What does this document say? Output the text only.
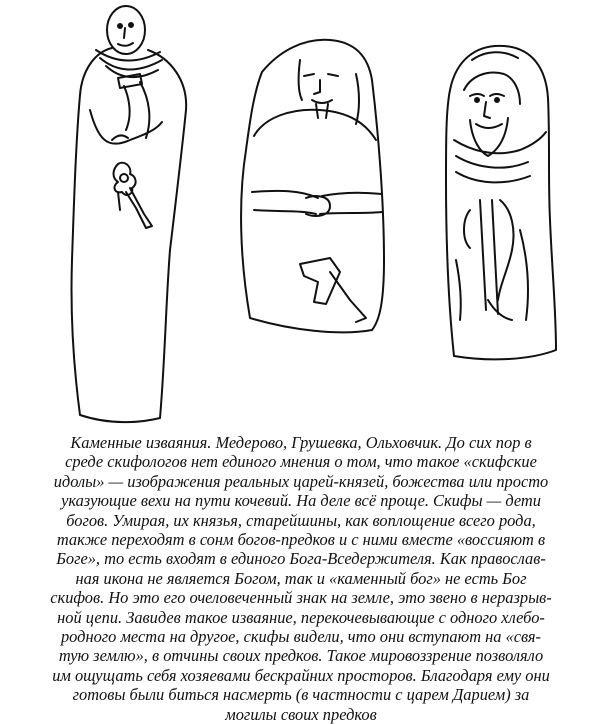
Каменные изваяния. Медерово, Грушевка, Ольховчик. До сих пор в
среде скифологов нет единого мнения о том, что такое «скифские
идолы» — изображения реальных царей-князей, божества или просто
указующие вехи на пути кочевий. На деле всё проще. Скифы — дети
богов. Умирая, их князья, старейшины, как воплощение всего рода,
также переходят в сонм богов-предков и с ними вместе «воссияют в
Боге», то есть входят в единого Бога-Вседержителя. Как православ-
ная икона не является Богом, так и «каменный бог» не есть Бог
скифов. Но это его очеловеченный знак на земле, это звено в неразрыв-
ной цепи. Завидев такое изваяние, перекочевывающие с одного хлебо-
родного места на другое, скифы видели, что они вступают на «свя-
тую землю», в отчины своих предков. Такое мировоззрение позволяло
им ощущать себя хозяевами бескрайних просторов. Благодаря ему они
готовы были биться насмерть (в частности с царем Дарием) за
могилы своих предков
